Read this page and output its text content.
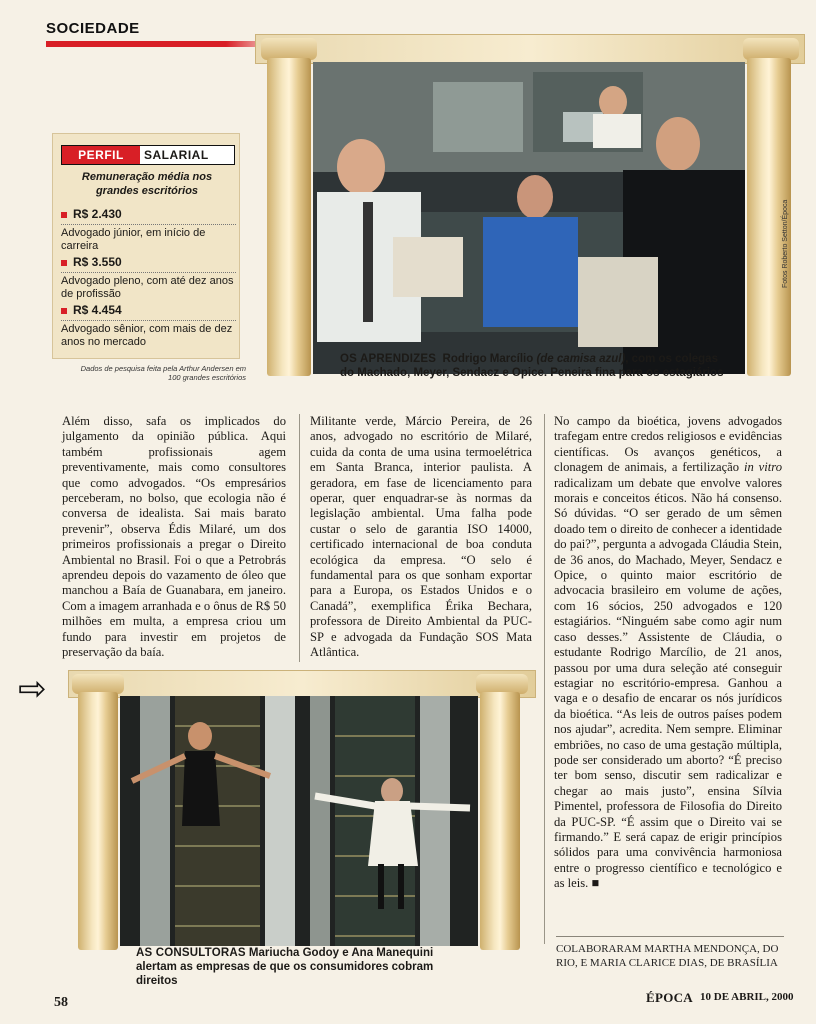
SOCIEDADE
Fotos Roberto Setton/Época
PERFIL	SALARIAL
Remuneração média nos grandes escritórios
R$ 2.430
Advogado júnior, em início de carreira
R$ 3.550
Advogado pleno, com até dez anos de profissão
R$ 4.454
Advogado sênior, com mais de dez anos no mercado
Dados de pesquisa feita pela Arthur Andersen em 100 grandes escritórios
OS APRENDIZES Rodrigo Marcílio (de camisa azul), com os colegas do Machado, Meyer, Sendacz e Opice. Peneira fina para os estagiários
Além disso, safa os implicados do julgamento da opinião pública. Aqui também profissionais agem preventivamente, mais como consultores que como advogados. “Os empresários perceberam, no bolso, que ecologia não é conversa de idealista. Sai mais barato prevenir”, observa Édis Milaré, um dos primeiros profissionais a pregar o Direito Ambiental no Brasil. Foi o que a Petrobrás aprendeu depois do vazamento de óleo que manchou a Baía de Guanabara, em janeiro. Com a imagem arranhada e o ônus de R$ 50 milhões em multa, a empresa criou um fundo para investir em projetos de preservação da baía.
Militante verde, Márcio Pereira, de 26 anos, advogado no escritório de Milaré, cuida da conta de uma usina termoelétrica em Santa Branca, interior paulista. A geradora, em fase de licenciamento para operar, quer enquadrar-se às normas da legislação ambiental. Uma falha pode custar o selo de garantia ISO 14000, certificado internacional de boa conduta ecológica da empresa. “O selo é fundamental para os que sonham exportar para a Europa, os Estados Unidos e o Canadá”, exemplifica Érika Bechara, professora de Direito Ambiental da PUC-SP e advogada da Fundação SOS Mata Atlântica.
No campo da bioética, jovens advogados trafegam entre credos religiosos e evidências científicas. Os avanços genéticos, a clonagem de animais, a fertilização in vitro radicalizam um debate que envolve valores morais e conceitos éticos. Não há consenso. Só dúvidas. “O ser gerado de um sêmen doado tem o direito de conhecer a identidade do pai?”, pergunta a advogada Cláudia Stein, de 36 anos, do Machado, Meyer, Sendacz e Opice, o quinto maior escritório de advocacia brasileiro em volume de ações, com 16 sócios, 250 advogados e 120 estagiários. “Ninguém sabe como agir num caso desses.” Assistente de Cláudia, o estudante Rodrigo Marcílio, de 21 anos, passou por uma dura seleção até conseguir estagiar no escritório-empresa. Ganhou a vaga e o desafio de encarar os nós jurídicos da bioética. “As leis de outros países podem nos ajudar”, acredita. Nem sempre. Eliminar embriões, no caso de uma gestação múltipla, pode ser considerado um aborto? “É preciso ter bom senso, discutir sem radicalizar e chegar ao mais justo”, ensina Sílvia Pimentel, professora de Filosofia do Direito da PUC-SP. “É assim que o Direito vai se firmando.” E será capaz de erigir princípios sólidos para uma convivência harmoniosa entre o progresso científico e tecnológico e as leis. ■
⇨
AS CONSULTORAS Mariucha Godoy e Ana Manequini alertam as empresas de que os consumidores cobram direitos
COLABORARAM MARTHA MENDONÇA, DO RIO, E MARIA CLARICE DIAS, DE BRASÍLIA
58	ÉPOCA 10 DE ABRIL, 2000
